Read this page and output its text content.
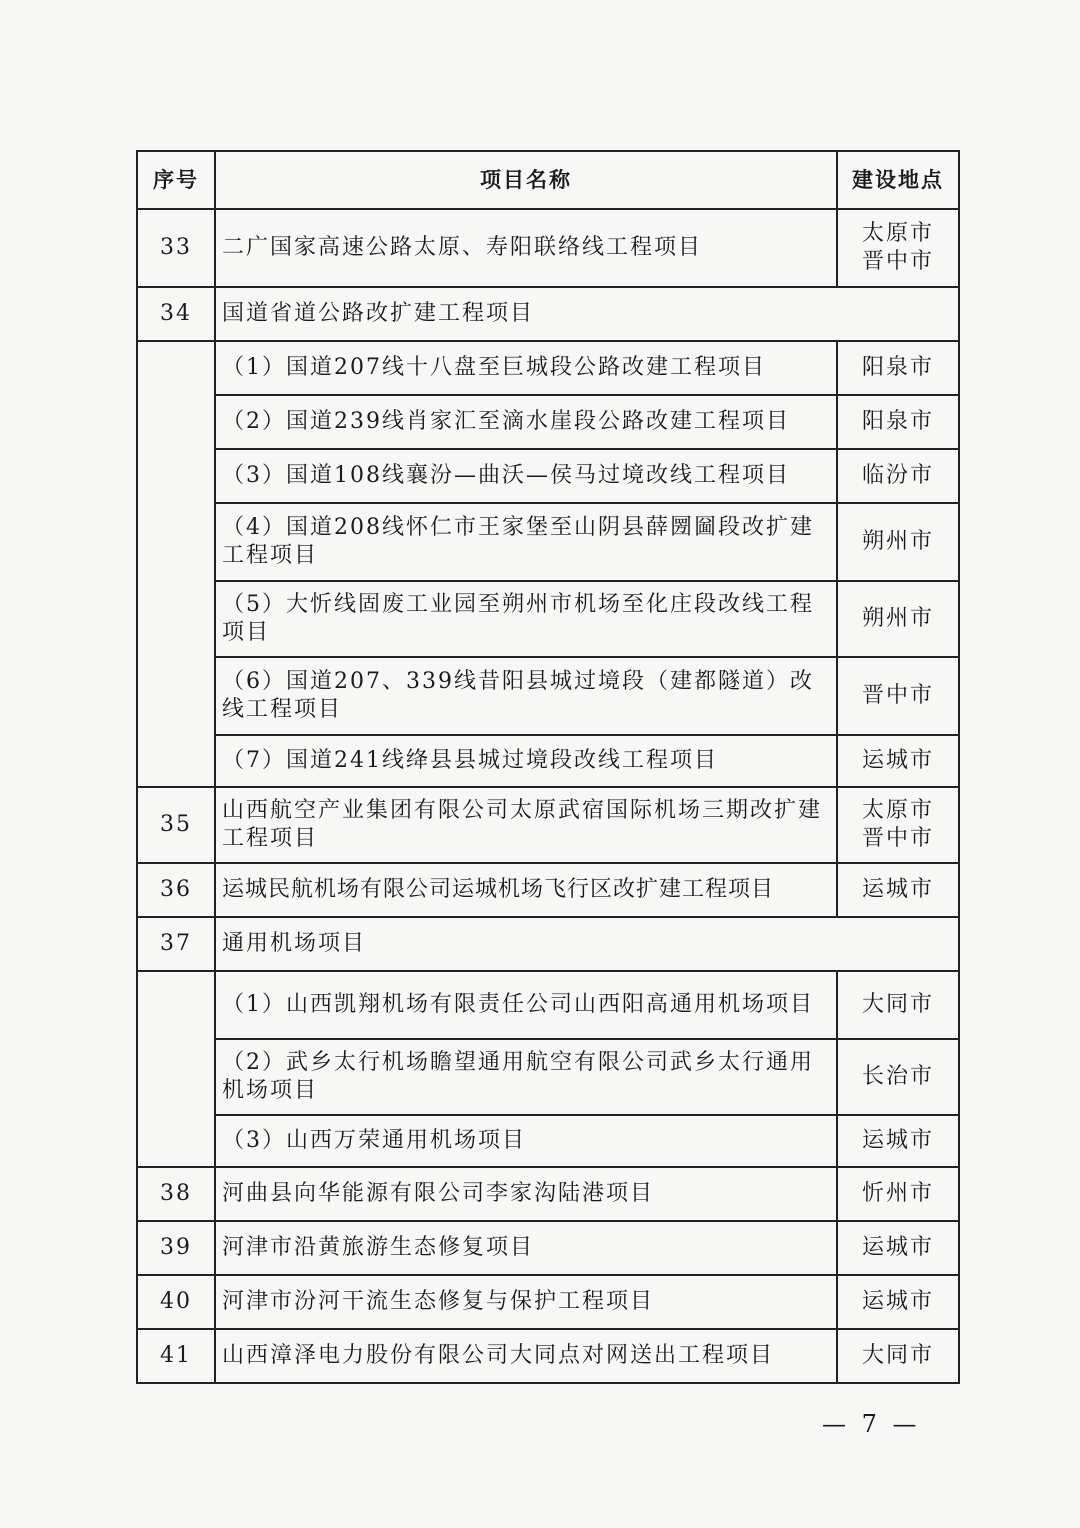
序号	项目名称	建设地点
33	二广国家高速公路太原、寿阳联络线工程项目	太原市
晋中市
34	国道省道公路改扩建工程项目	
	（1）国道207线十八盘至巨城段公路改建工程项目	阳泉市
	（2）国道239线肖家汇至滴水崖段公路改建工程项目	阳泉市
	（3）国道108线襄汾—曲沃—侯马过境改线工程项目	临汾市
	（4）国道208线怀仁市王家堡至山阴县薛圐圙段改扩建工程项目	朔州市
	（5）大忻线固废工业园至朔州市机场至化庄段改线工程项目	朔州市
	（6）国道207、339线昔阳县城过境段（建都隧道）改线工程项目	晋中市
	（7）国道241线绛县县城过境段改线工程项目	运城市
35	山西航空产业集团有限公司太原武宿国际机场三期改扩建工程项目	太原市
晋中市
36	运城民航机场有限公司运城机场飞行区改扩建工程项目	运城市
37	通用机场项目	
	（1）山西凯翔机场有限责任公司山西阳高通用机场项目	大同市
	（2）武乡太行机场瞻望通用航空有限公司武乡太行通用机场项目	长治市
	（3）山西万荣通用机场项目	运城市
38	河曲县向华能源有限公司李家沟陆港项目	忻州市
39	河津市沿黄旅游生态修复项目	运城市
40	河津市汾河干流生态修复与保护工程项目	运城市
41	山西漳泽电力股份有限公司大同点对网送出工程项目	大同市
— 7 —
